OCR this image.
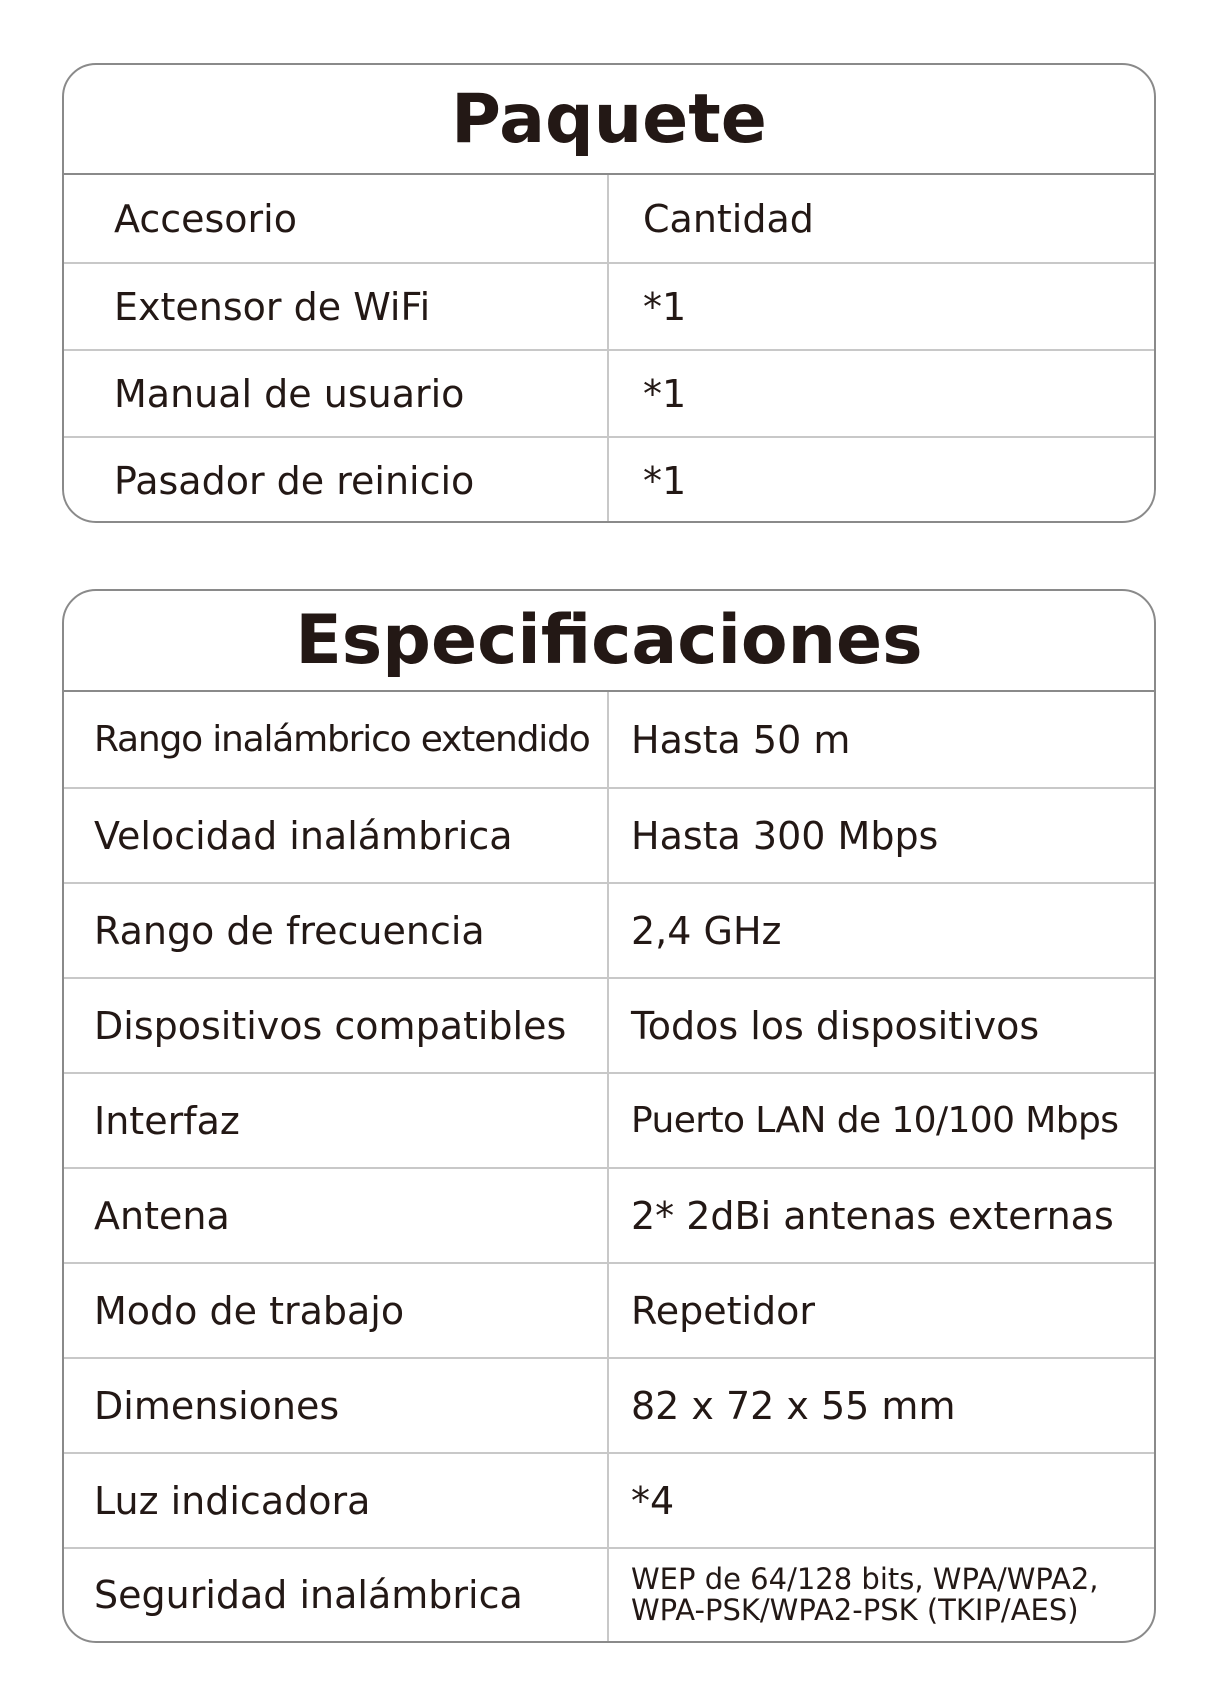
Paquete
Accesorio	Cantidad
Extensor de WiFi	*1
Manual de usuario	*1
Pasador de reinicio	*1
Especificaciones
Rango inalámbrico extendido	Hasta 50 m
Velocidad inalámbrica	Hasta 300 Mbps
Rango de frecuencia	2,4 GHz
Dispositivos compatibles	Todos los dispositivos
Interfaz	Puerto LAN de 10/100 Mbps
Antena	2* 2dBi antenas externas
Modo de trabajo	Repetidor
Dimensiones	82 x 72 x 55 mm
Luz indicadora	*4
Seguridad inalámbrica	WEP de 64/128 bits, WPA/WPA2, WPA-PSK/WPA2-PSK (TKIP/AES)
